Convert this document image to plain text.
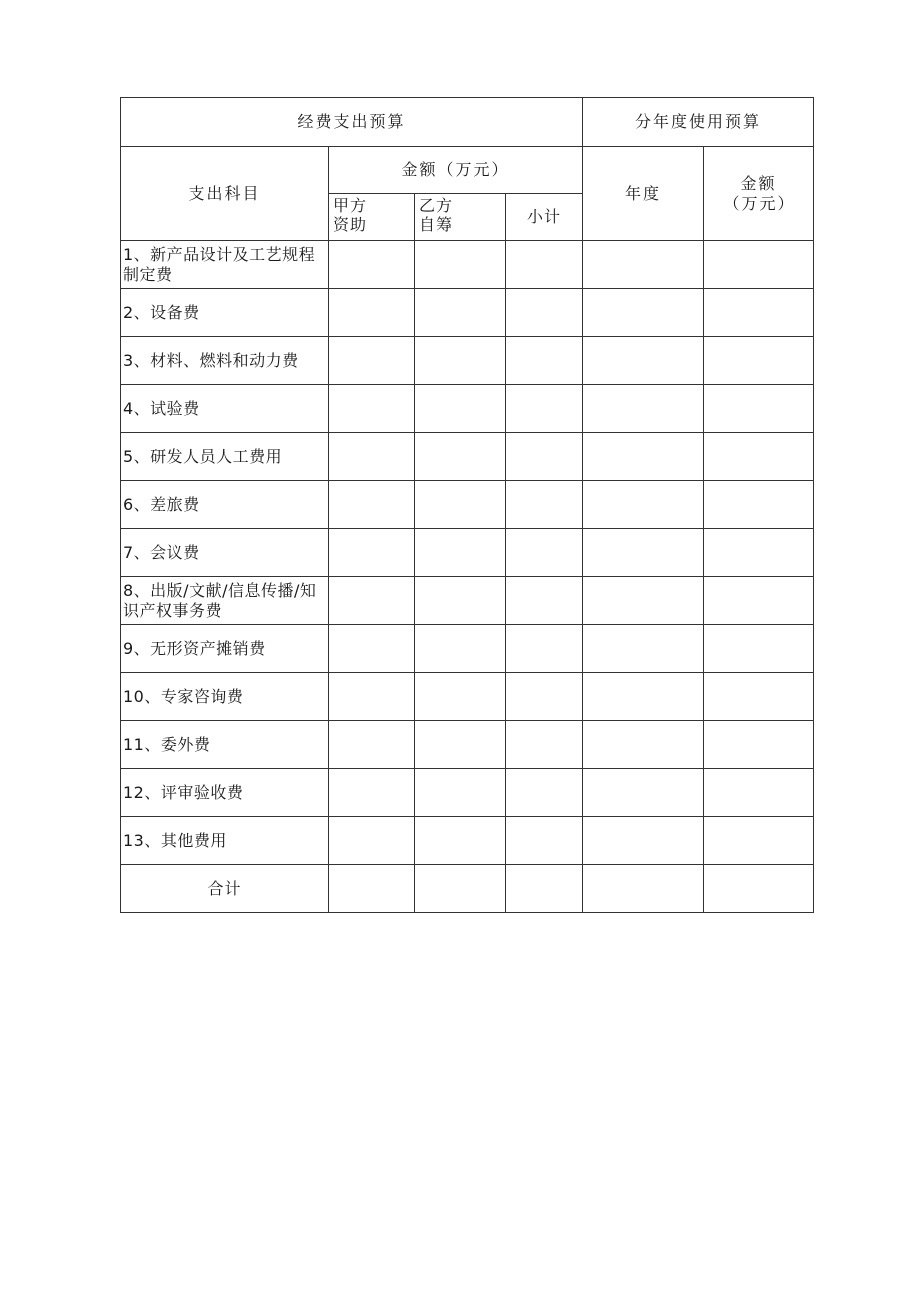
经费支出预算				分年度使用预算	
支出科目	金额（万元）			年度	金额（万元）
	甲方资助	乙方自筹	小计		
1、新产品设计及工艺规程制定费					
2、设备费					
3、材料、燃料和动力费					
4、试验费					
5、研发人员人工费用					
6、差旅费					
7、会议费					
8、出版/文献/信息传播/知识产权事务费					
9、无形资产摊销费					
10、专家咨询费					
11、委外费					
12、评审验收费					
13、其他费用					
合计					
